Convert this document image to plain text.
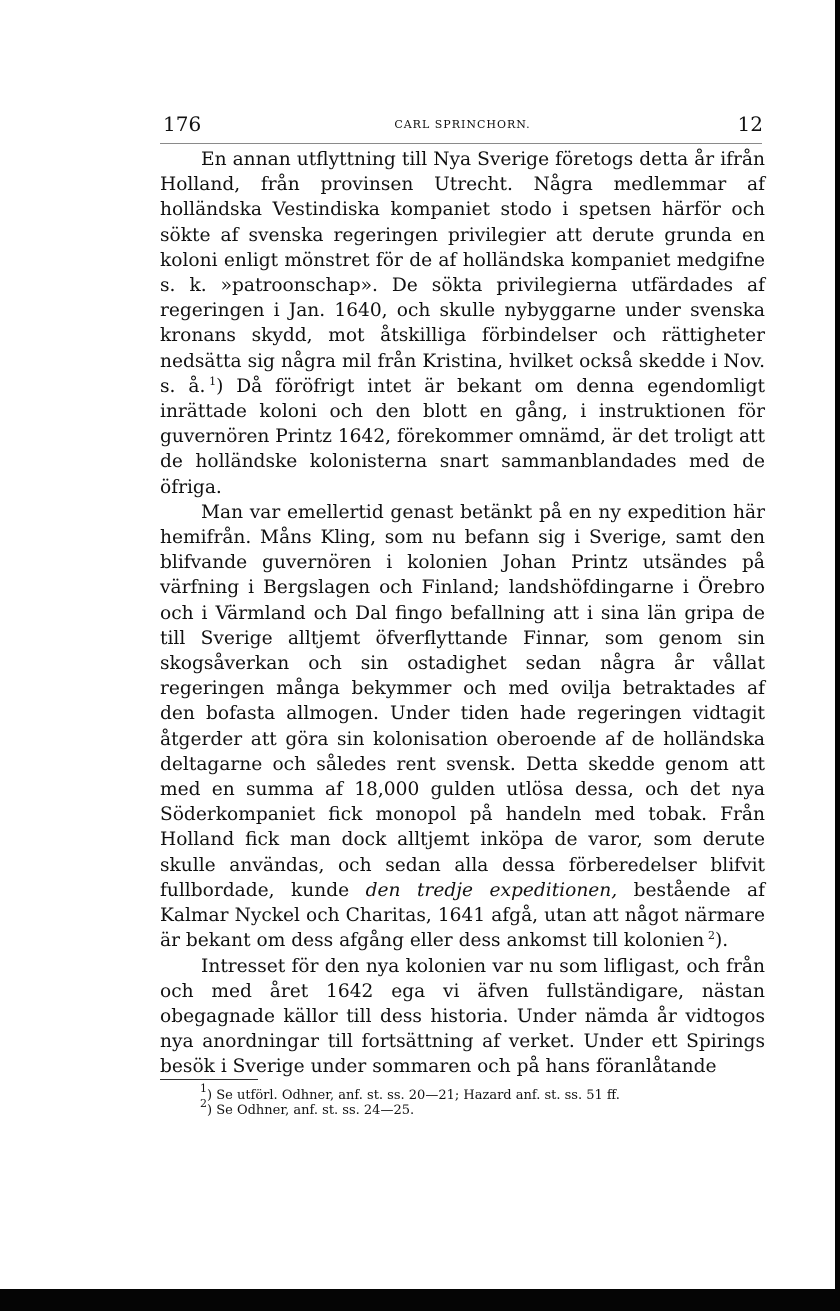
176	CARL SPRINCHORN.	12

En annan utflyttning till Nya Sverige företogs detta år ifrån Holland, från provinsen Utrecht. Några medlemmar af holländska Vestindiska kompaniet stodo i spetsen härför och sökte af svenska regeringen privilegier att derute grunda en koloni enligt mönstret för de af holländska kompaniet medgifne s. k. »patroonschap». De sökta privilegierna utfärdades af regeringen i Jan. 1640, och skulle nybyggarne under svenska kronans skydd, mot åtskilliga förbindelser och rättigheter nedsätta sig några mil från Kristina, hvilket också skedde i Nov. s. å.  $^1$) Då föröfrigt intet är bekant om denna egendomligt inrättade koloni och den blott en gång, i instruktionen för guvernören Printz 1642, förekommer omnämd, är det troligt att de holländske kolonisterna snart sammanblandades med de öfriga.

Man var emellertid genast betänkt på en ny expedition här hemifrån. Måns Kling, som nu befann sig i Sverige, samt den blifvande guvernören i kolonien Johan Printz utsändes på värfning i Bergslagen och Finland; landshöfdingarne i Örebro och i Värmland och Dal fingo befallning att i sina län gripa de till Sverige alltjemt öfverflyttande Finnar, som genom sin skogsåverkan och sin ostadighet sedan några år vållat regeringen många bekymmer och med ovilja betraktades af den bofasta allmogen. Under tiden hade regeringen vidtagit åtgerder att göra sin kolonisation oberoende af de holländska deltagarne och således rent svensk. Detta skedde genom att med en summa af 18,000 gulden utlösa dessa, och det nya Söderkompaniet fick monopol på handeln med tobak. Från Holland fick man dock alltjemt inköpa de varor, som derute skulle användas, och sedan alla dessa förberedelser blifvit fullbordade, kunde den tredje expeditionen, bestående af Kalmar Nyckel och Charitas, 1641 afgå, utan att något närmare är bekant om dess afgång eller dess ankomst till kolonien  $^2$).

Intresset för den nya kolonien var nu som lifligast, och från och med året 1642 ega vi äfven fullständigare, nästan obegagnade källor till dess historia. Under nämda år vidtogos nya anordningar till fortsättning af verket. Under ett Spirings besök i Sverige under sommaren och på hans föranlåtande

$^1$) Se utförl. Odhner, anf. st. ss. 20—21; Hazard anf. st. ss. 51 ff.

$^2$) Se Odhner, anf. st. ss. 24—25.
